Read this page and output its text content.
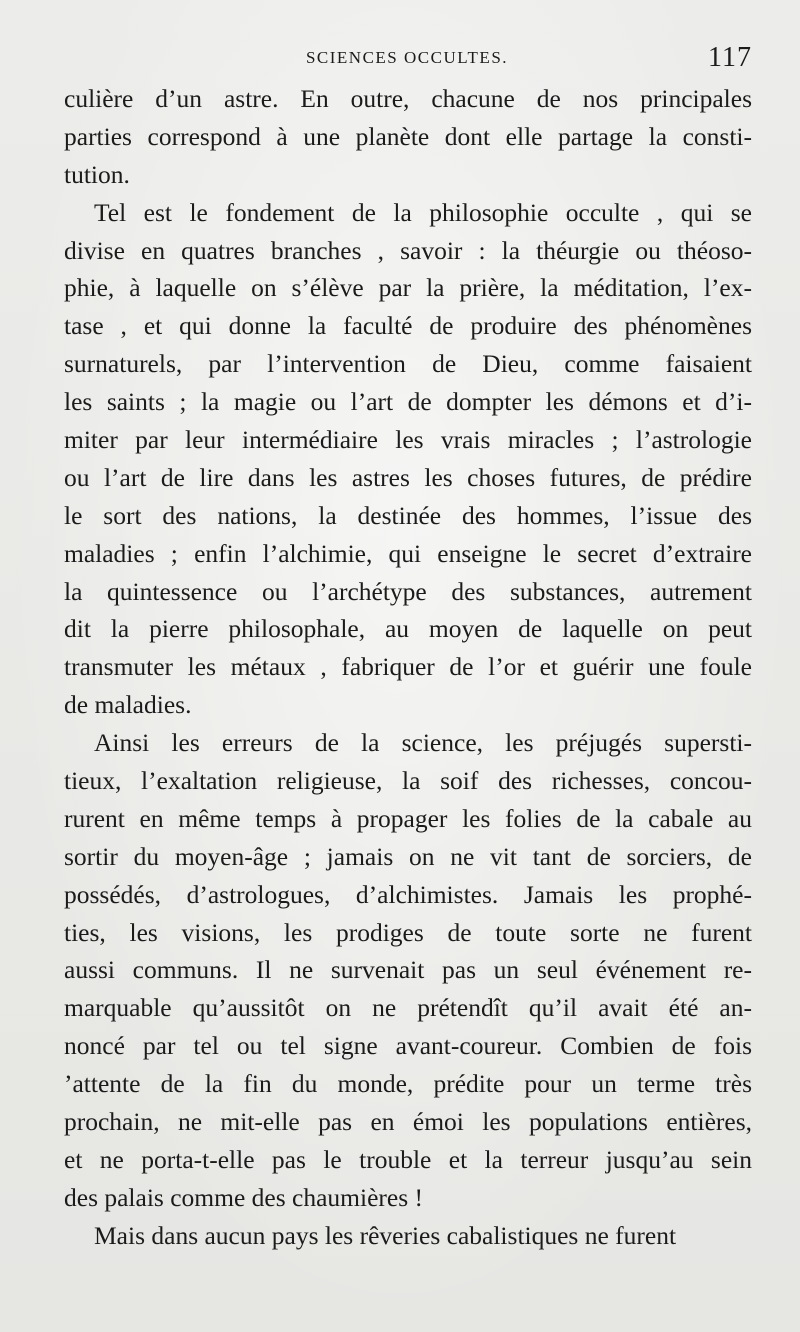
SCIENCES OCCULTES.	117
culière d’un astre. En outre, chacune de nos principales
parties correspond à une planète dont elle partage la consti-
tution.
Tel est le fondement de la philosophie occulte , qui se
divise en quatres branches , savoir : la théurgie ou théoso-
phie, à laquelle on s’élève par la prière, la méditation, l’ex-
tase , et qui donne la faculté de produire des phénomènes
surnaturels, par l’intervention de Dieu, comme faisaient
les saints ; la magie ou l’art de dompter les démons et d’i-
miter par leur intermédiaire les vrais miracles ; l’astrologie
ou l’art de lire dans les astres les choses futures, de prédire
le sort des nations, la destinée des hommes, l’issue des
maladies ; enfin l’alchimie, qui enseigne le secret d’extraire
la quintessence ou l’archétype des substances, autrement
dit la pierre philosophale, au moyen de laquelle on peut
transmuter les métaux , fabriquer de l’or et guérir une foule
de maladies.
Ainsi les erreurs de la science, les préjugés supersti-
tieux, l’exaltation religieuse, la soif des richesses, concou-
rurent en même temps à propager les folies de la cabale au
sortir du moyen-âge ; jamais on ne vit tant de sorciers, de
possédés, d’astrologues, d’alchimistes. Jamais les prophé-
ties, les visions, les prodiges de toute sorte ne furent
aussi communs. Il ne survenait pas un seul événement re-
marquable qu’aussitôt on ne prétendît qu’il avait été an-
noncé par tel ou tel signe avant-coureur. Combien de fois
’attente de la fin du monde, prédite pour un terme très
prochain, ne mit-elle pas en émoi les populations entières,
et ne porta-t-elle pas le trouble et la terreur jusqu’au sein
des palais comme des chaumières !
Mais dans aucun pays les rêveries cabalistiques ne furent
